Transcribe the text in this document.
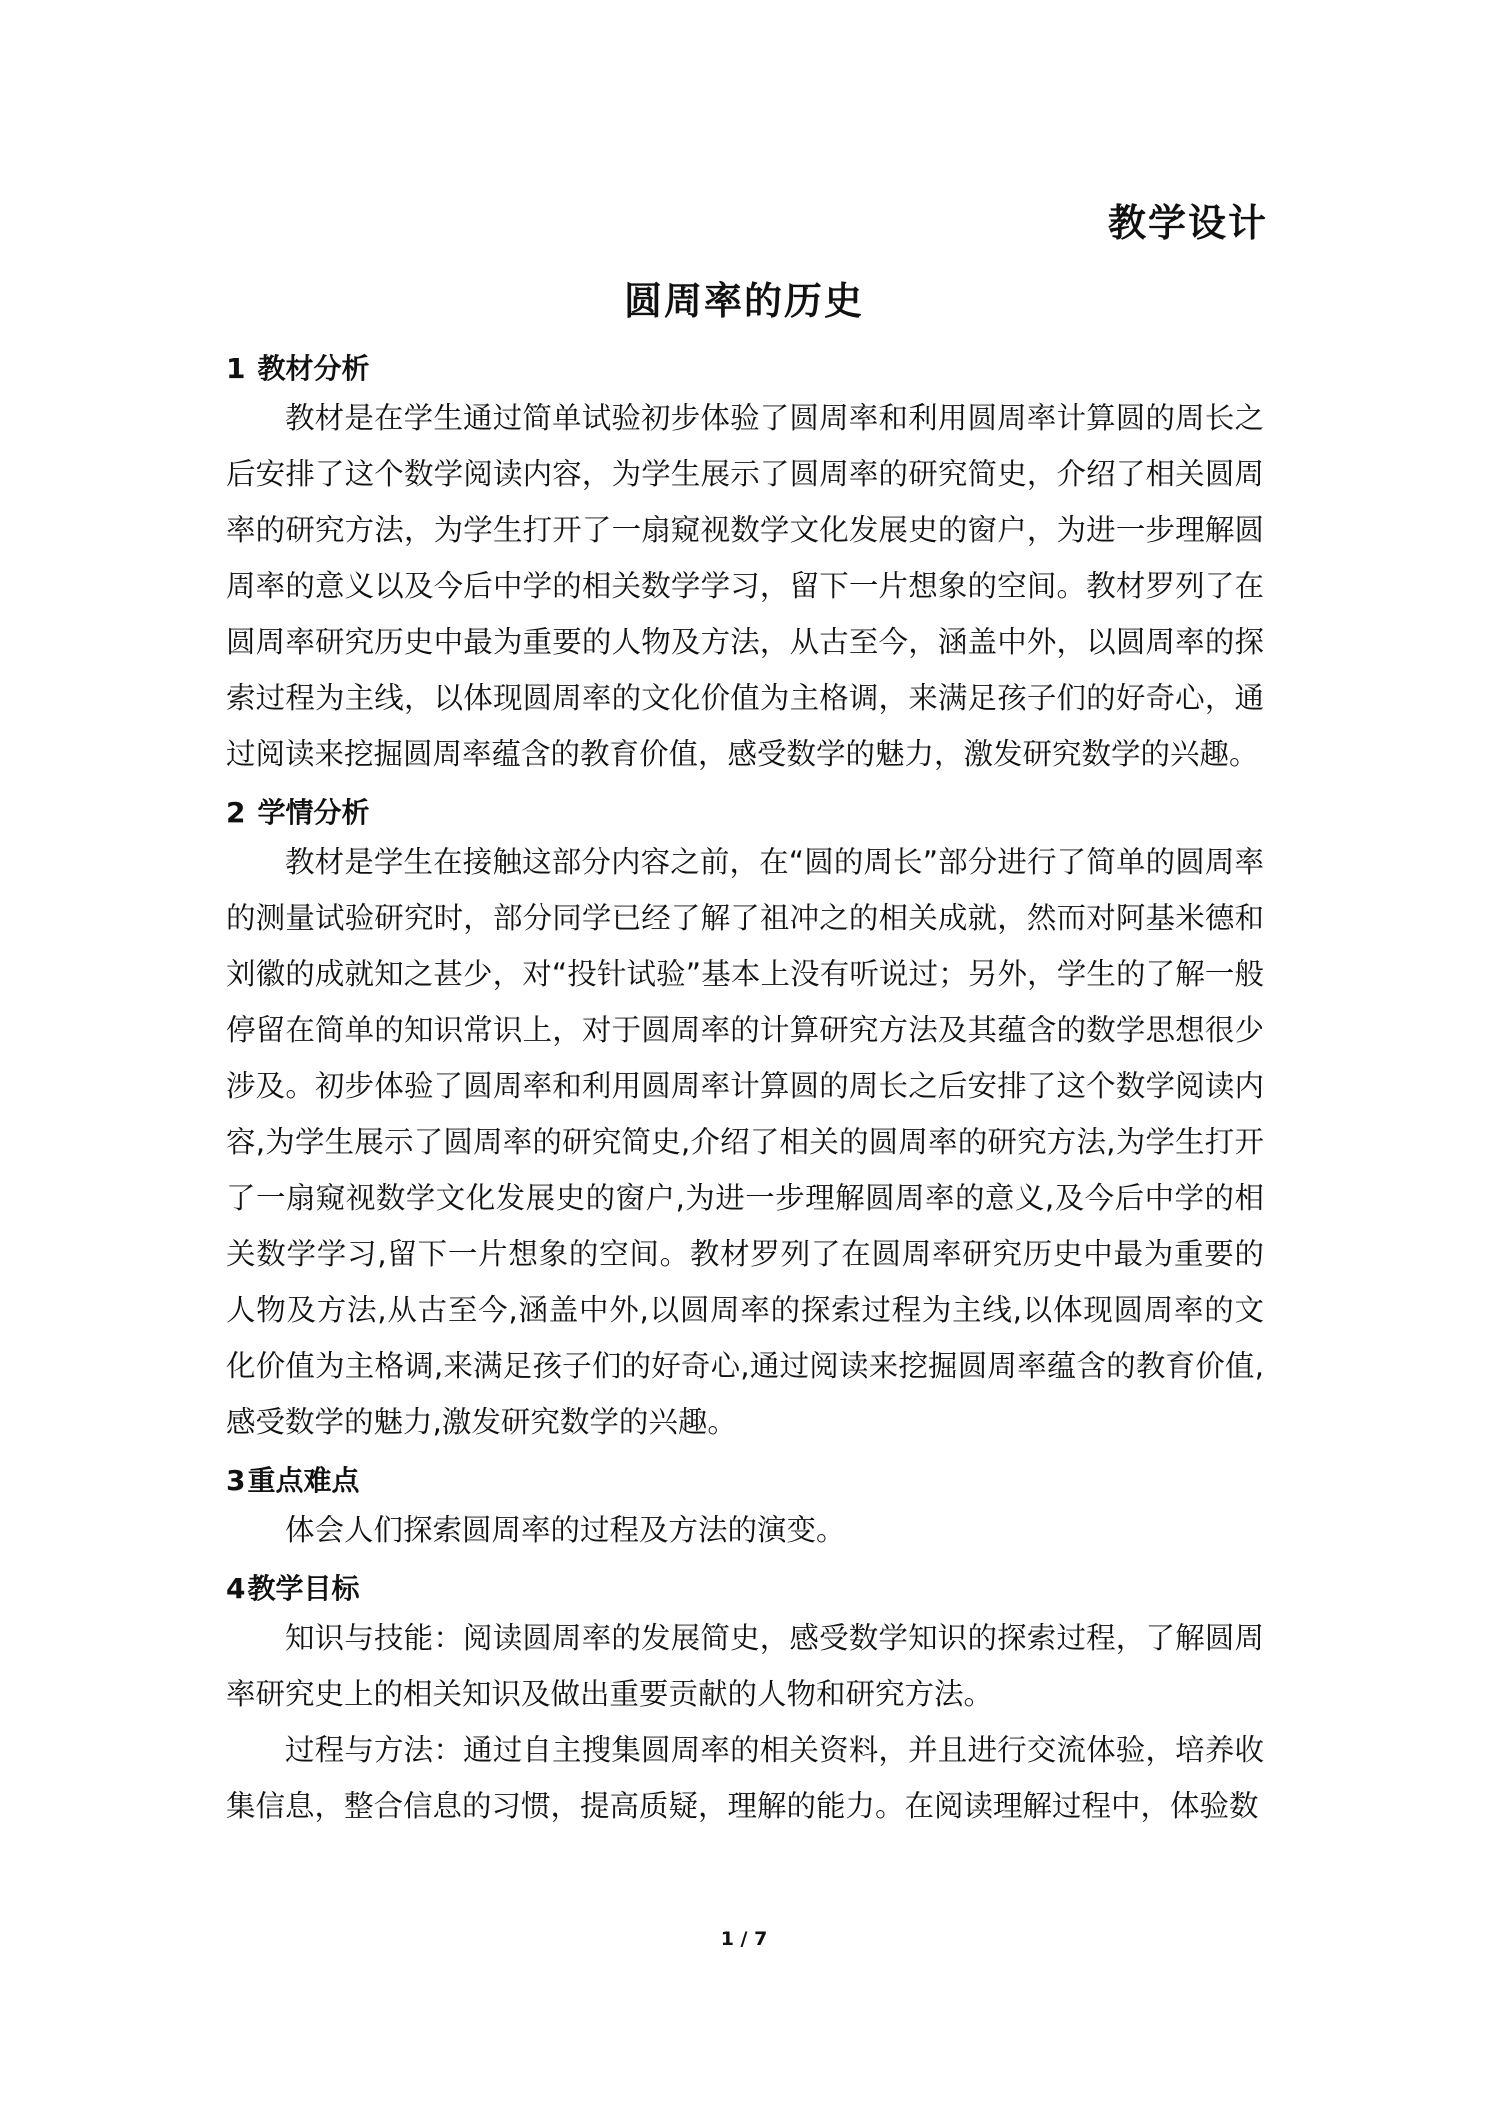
教学设计
圆周率的历史
1 教材分析

教材是在学生通过简单试验初步体验了圆周率和利用圆周率计算圆的周长之后安排了这个数学阅读内容，为学生展示了圆周率的研究简史，介绍了相关圆周率的研究方法，为学生打开了一扇窥视数学文化发展史的窗户，为进一步理解圆周率的意义以及今后中学的相关数学学习，留下一片想象的空间。教材罗列了在圆周率研究历史中最为重要的人物及方法，从古至今，涵盖中外，以圆周率的探索过程为主线，以体现圆周率的文化价值为主格调，来满足孩子们的好奇心，通过阅读来挖掘圆周率蕴含的教育价值，感受数学的魅力，激发研究数学的兴趣。

2 学情分析

教材是学生在接触这部分内容之前，在“圆的周长”部分进行了简单的圆周率的测量试验研究时，部分同学已经了解了祖冲之的相关成就，然而对阿基米德和刘徽的成就知之甚少，对“投针试验”基本上没有听说过；另外，学生的了解一般停留在简单的知识常识上，对于圆周率的计算研究方法及其蕴含的数学思想很少涉及。初步体验了圆周率和利用圆周率计算圆的周长之后安排了这个数学阅读内容,为学生展示了圆周率的研究简史,介绍了相关的圆周率的研究方法,为学生打开了一扇窥视数学文化发展史的窗户,为进一步理解圆周率的意义,及今后中学的相关数学学习,留下一片想象的空间。教材罗列了在圆周率研究历史中最为重要的人物及方法,从古至今,涵盖中外,以圆周率的探索过程为主线,以体现圆周率的文化价值为主格调,来满足孩子们的好奇心,通过阅读来挖掘圆周率蕴含的教育价值,感受数学的魅力,激发研究数学的兴趣。

3重点难点

体会人们探索圆周率的过程及方法的演变。

4教学目标

知识与技能：阅读圆周率的发展简史，感受数学知识的探索过程，了解圆周率研究史上的相关知识及做出重要贡献的人物和研究方法。

过程与方法：通过自主搜集圆周率的相关资料，并且进行交流体验，培养收集信息，整合信息的习惯，提高质疑，理解的能力。在阅读理解过程中，体验数

1 / 7
